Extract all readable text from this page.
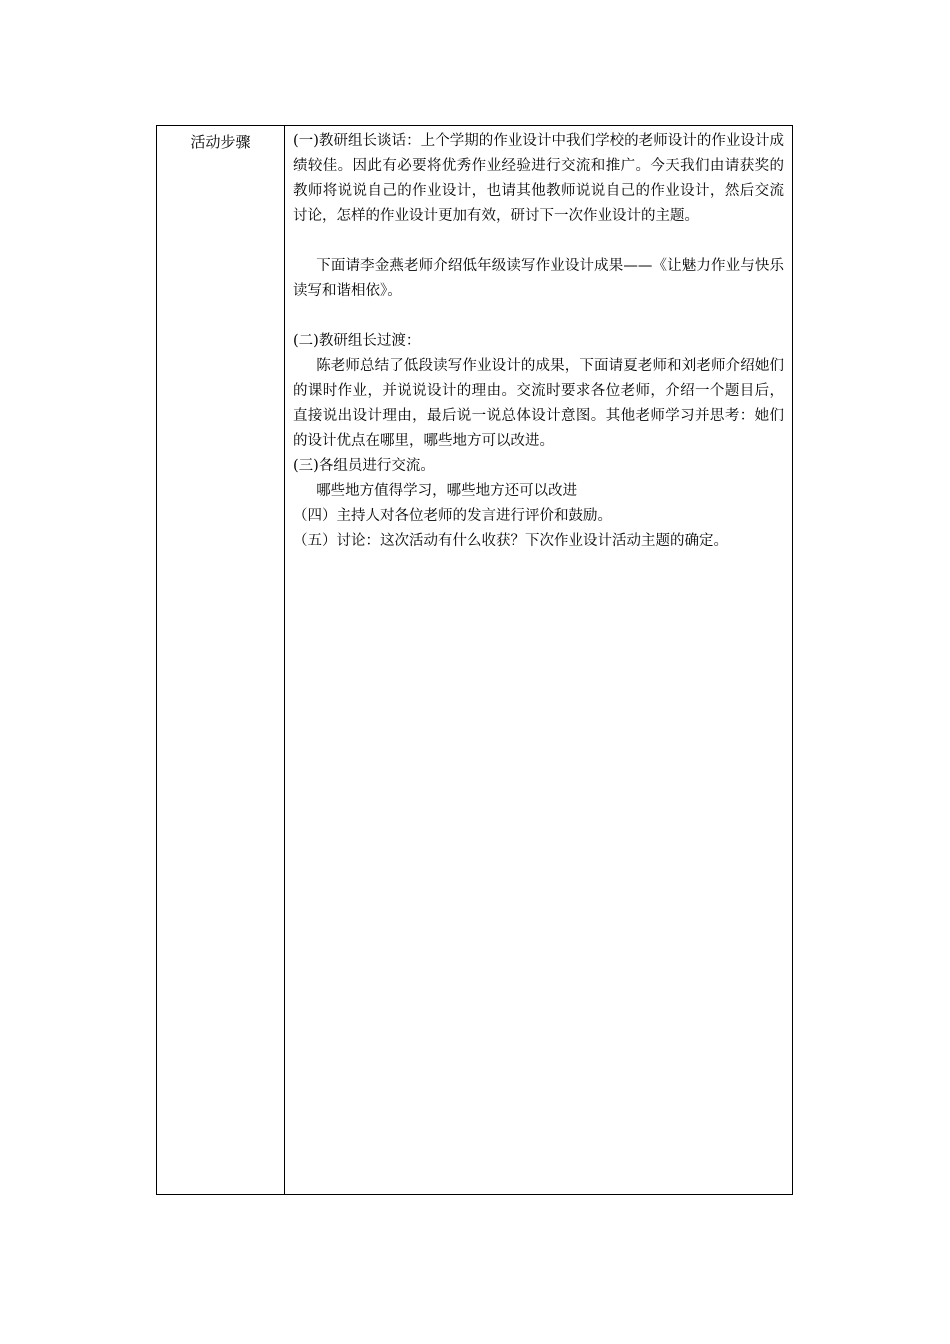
活动步骤	(一)教研组长谈话：上个学期的作业设计中我们学校的老师设计的作业设计成绩较佳。因此有必要将优秀作业经验进行交流和推广。今天我们由请获奖的教师将说说自己的作业设计，也请其他教师说说自己的作业设计，然后交流讨论，怎样的作业设计更加有效，研讨下一次作业设计的主题。

下面请李金燕老师介绍低年级读写作业设计成果——《让魅力作业与快乐读写和谐相依》。

(二)教研组长过渡：

陈老师总结了低段读写作业设计的成果，下面请夏老师和刘老师介绍她们的课时作业，并说说设计的理由。交流时要求各位老师，介绍一个题目后，直接说出设计理由，最后说一说总体设计意图。其他老师学习并思考：她们的设计优点在哪里，哪些地方可以改进。

(三)各组员进行交流。

哪些地方值得学习，哪些地方还可以改进

（四）主持人对各位老师的发言进行评价和鼓励。

（五）讨论：这次活动有什么收获？下次作业设计活动主题的确定。
